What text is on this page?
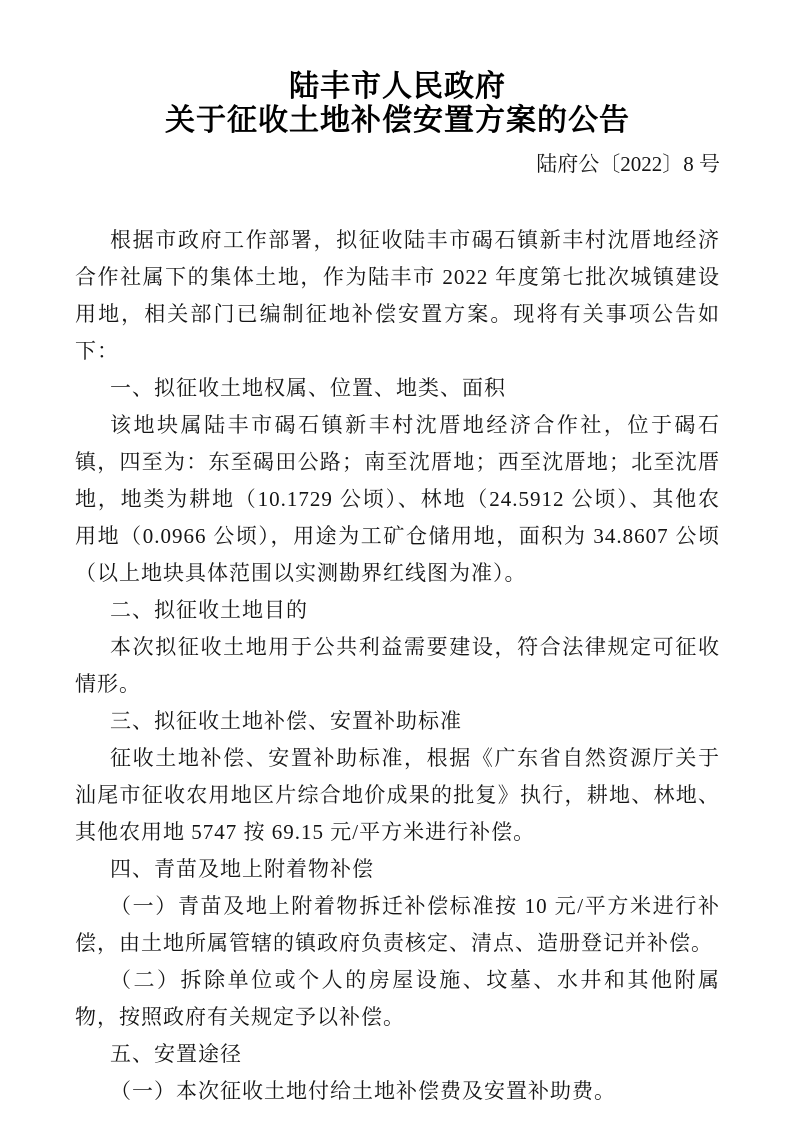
陆丰市人民政府
关于征收土地补偿安置方案的公告
陆府公〔2022〕8 号

根据市政府工作部署，拟征收陆丰市碣石镇新丰村沈厝地经济合作社属下的集体土地，作为陆丰市 2022 年度第七批次城镇建设用地，相关部门已编制征地补偿安置方案。现将有关事项公告如下：

一、拟征收土地权属、位置、地类、面积

该地块属陆丰市碣石镇新丰村沈厝地经济合作社，位于碣石镇，四至为：东至碣田公路；南至沈厝地；西至沈厝地；北至沈厝地，地类为耕地（10.1729 公顷）、林地（24.5912 公顷）、其他农用地（0.0966 公顷），用途为工矿仓储用地，面积为 34.8607 公顷（以上地块具体范围以实测勘界红线图为准）。

二、拟征收土地目的

本次拟征收土地用于公共利益需要建设，符合法律规定可征收情形。

三、拟征收土地补偿、安置补助标准

征收土地补偿、安置补助标准，根据《广东省自然资源厅关于汕尾市征收农用地区片综合地价成果的批复》执行，耕地、林地、其他农用地 5747 按 69.15 元/平方米进行补偿。

四、青苗及地上附着物补偿

（一）青苗及地上附着物拆迁补偿标准按 10 元/平方米进行补偿，由土地所属管辖的镇政府负责核定、清点、造册登记并补偿。

（二）拆除单位或个人的房屋设施、坟墓、水井和其他附属物，按照政府有关规定予以补偿。

五、安置途径

（一）本次征收土地付给土地补偿费及安置补助费。
